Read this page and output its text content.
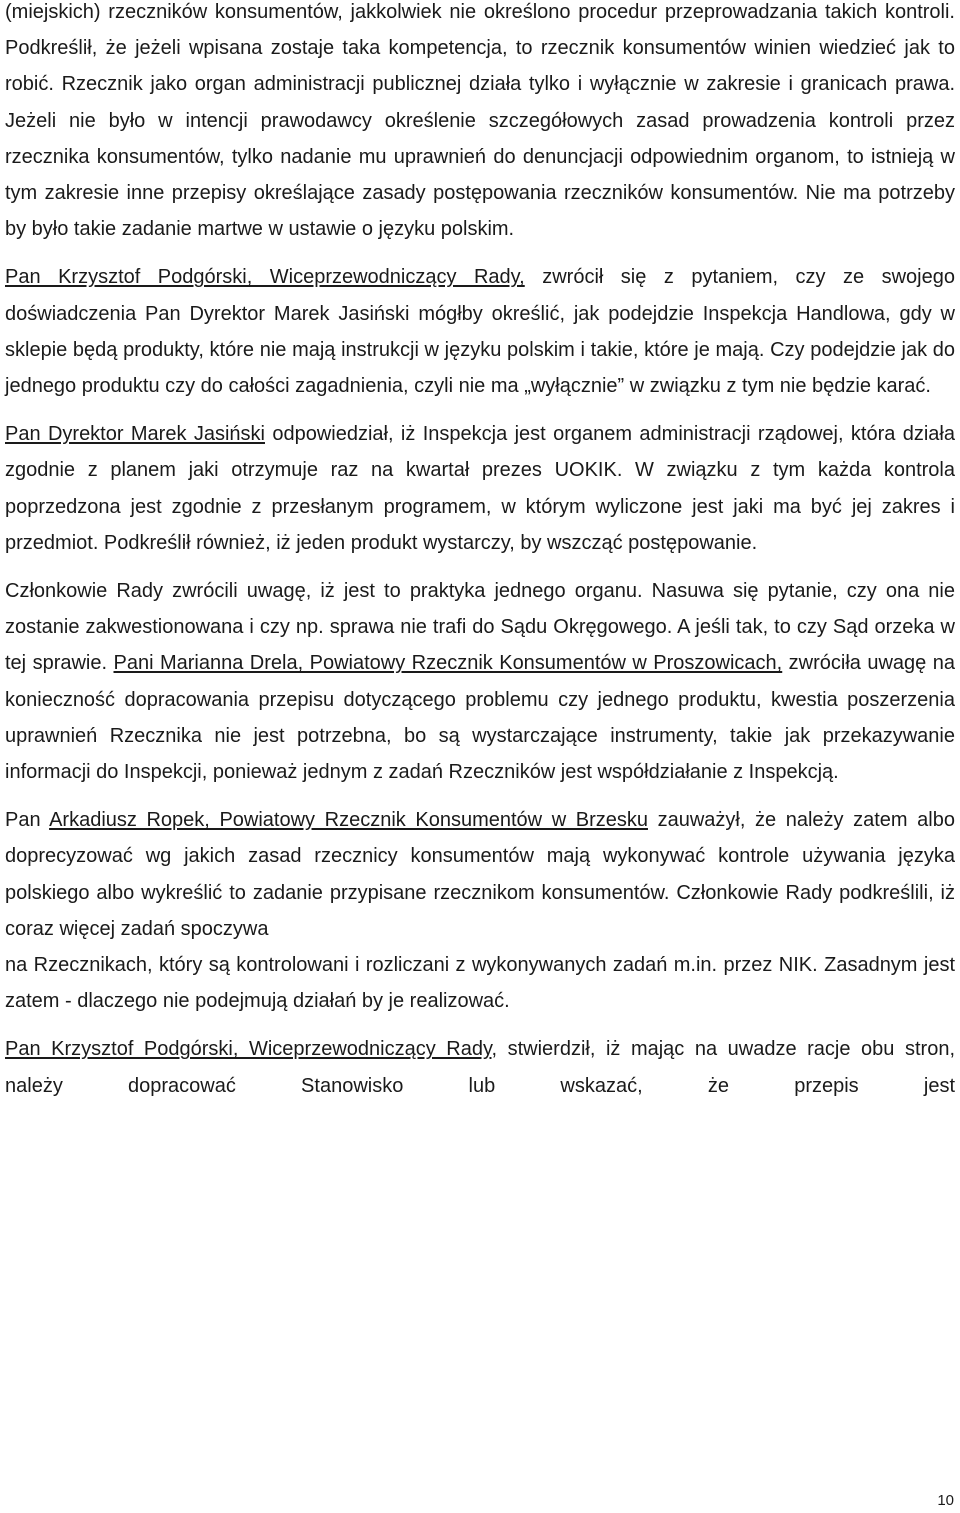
(miejskich) rzeczników konsumentów, jakkolwiek nie określono procedur przeprowadzania takich kontroli. Podkreślił, że jeżeli wpisana zostaje taka kompetencja, to rzecznik konsumentów winien wiedzieć jak to robić. Rzecznik jako organ administracji publicznej działa tylko i wyłącznie w zakresie i granicach prawa. Jeżeli nie było w intencji prawodawcy określenie szczegółowych zasad prowadzenia kontroli przez rzecznika konsumentów, tylko nadanie mu uprawnień do denuncjacji odpowiednim organom, to istnieją w tym zakresie inne przepisy określające zasady postępowania rzeczników konsumentów. Nie ma potrzeby by było takie zadanie martwe w ustawie o języku polskim.

Pan Krzysztof Podgórski, Wiceprzewodniczący Rady, zwrócił się z pytaniem, czy ze swojego doświadczenia Pan Dyrektor Marek Jasiński mógłby określić, jak podejdzie Inspekcja Handlowa, gdy w sklepie będą produkty, które nie mają instrukcji w języku polskim i takie, które je mają. Czy podejdzie jak do jednego produktu czy do całości zagadnienia, czyli nie ma „wyłącznie” w związku z tym nie będzie karać.

Pan Dyrektor Marek Jasiński odpowiedział, iż Inspekcja jest organem administracji rządowej, która działa zgodnie z planem jaki otrzymuje raz na kwartał prezes UOKIK. W związku z tym każda kontrola poprzedzona jest zgodnie z przesłanym programem, w którym wyliczone jest jaki ma być jej zakres i przedmiot. Podkreślił również, iż jeden produkt wystarczy, by wszcząć postępowanie.

Członkowie Rady zwrócili uwagę, iż jest to praktyka jednego organu. Nasuwa się pytanie, czy ona nie zostanie zakwestionowana i czy np. sprawa nie trafi do Sądu Okręgowego. A jeśli tak, to czy Sąd orzeka w tej sprawie. Pani Marianna Drela, Powiatowy Rzecznik Konsumentów w Proszowicach, zwróciła uwagę na konieczność dopracowania przepisu dotyczącego problemu czy jednego produktu, kwestia poszerzenia uprawnień Rzecznika nie jest potrzebna, bo są wystarczające instrumenty, takie jak przekazywanie informacji do Inspekcji, ponieważ jednym z zadań Rzeczników jest współdziałanie z Inspekcją.

Pan Arkadiusz Ropek, Powiatowy Rzecznik Konsumentów w Brzesku zauważył, że należy zatem albo doprecyzować wg jakich zasad rzecznicy konsumentów mają wykonywać kontrole używania języka polskiego albo wykreślić to zadanie przypisane rzecznikom konsumentów. Członkowie Rady podkreślili, iż coraz więcej zadań spoczywa
na Rzecznikach, który są kontrolowani i rozliczani z wykonywanych zadań m.in. przez NIK. Zasadnym jest zatem - dlaczego nie podejmują działań by je realizować.

Pan Krzysztof Podgórski, Wiceprzewodniczący Rady, stwierdził, iż mając na uwadze racje obu stron, należy dopracować Stanowisko lub wskazać, że przepis jest

10
